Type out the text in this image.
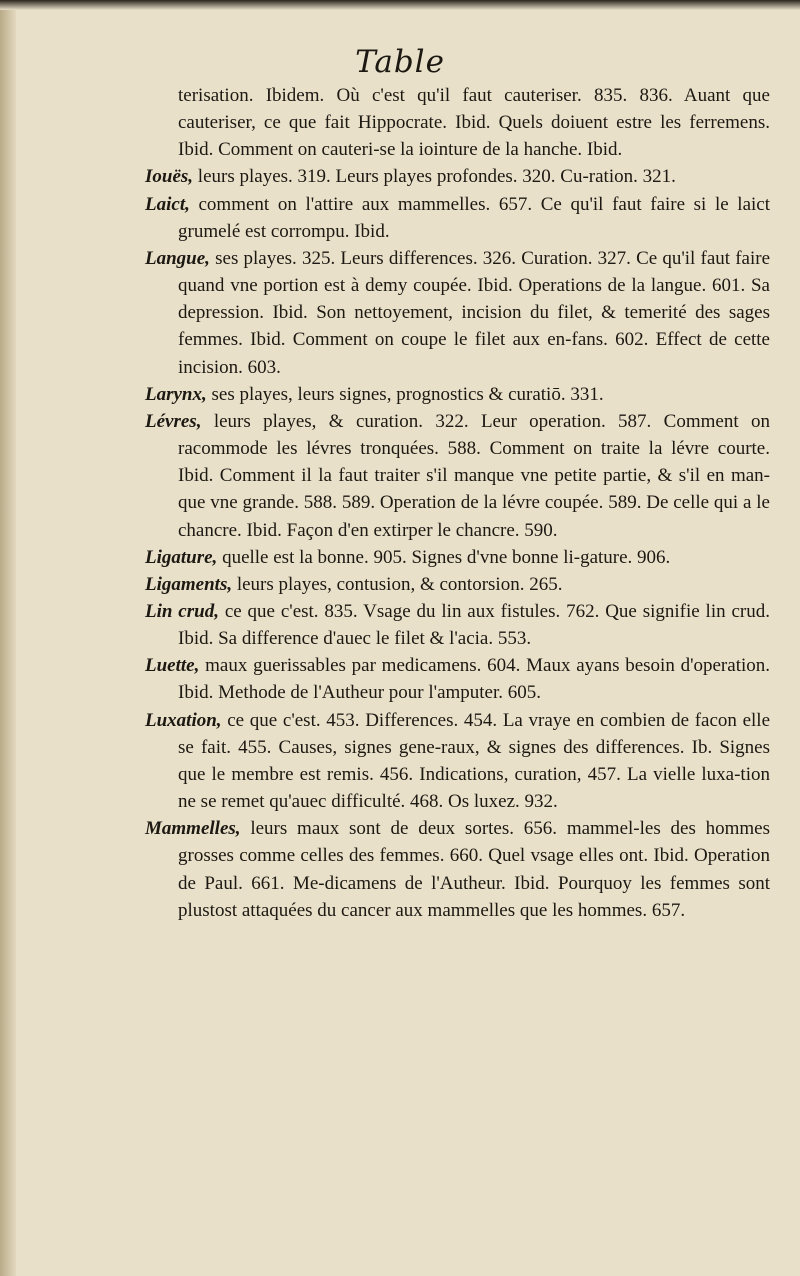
Table

terisation. Ibidem. Où c'est qu'il faut cauteriser. 835. 836. Auant que cauteriser, ce que fait Hippocrate. Ibid. Quels doiuent estre les ferremens. Ibid. Comment on cauteri-se la iointure de la hanche. Ibid.

Iouës, leurs playes. 319. Leurs playes profondes. 320. Cu-ration. 321.

Laict, comment on l'attire aux mammelles. 657. Ce qu'il faut faire si le laict grumelé est corrompu. Ibid.

Langue, ses playes. 325. Leurs differences. 326. Curation. 327. Ce qu'il faut faire quand vne portion est à demy coupée. Ibid. Operations de la langue. 601. Sa depression. Ibid. Son nettoyement, incision du filet, & temerité des sages femmes. Ibid. Comment on coupe le filet aux en-fans. 602. Effect de cette incision. 603.

Larynx, ses playes, leurs signes, prognostics & curatiō. 331.

Lévres, leurs playes, & curation. 322. Leur operation. 587. Comment on racommode les lévres tronquées. 588. Comment on traite la lévre courte. Ibid. Comment il la faut traiter s'il manque vne petite partie, & s'il en man-que vne grande. 588. 589. Operation de la lévre coupée. 589. De celle qui a le chancre. Ibid. Façon d'en extirper le chancre. 590.

Ligature, quelle est la bonne. 905. Signes d'vne bonne li-gature. 906.

Ligaments, leurs playes, contusion, & contorsion. 265.

Lin crud, ce que c'est. 835. Vsage du lin aux fistules. 762. Que signifie lin crud. Ibid. Sa difference d'auec le filet & l'acia. 553.

Luette, maux guerissables par medicamens. 604. Maux ayans besoin d'operation. Ibid. Methode de l'Autheur pour l'amputer. 605.

Luxation, ce que c'est. 453. Differences. 454. La vraye en combien de facon elle se fait. 455. Causes, signes gene-raux, & signes des differences. Ib. Signes que le membre est remis. 456. Indications, curation, 457. La vielle luxa-tion ne se remet qu'auec difficulté. 468. Os luxez. 932.

Mammelles, leurs maux sont de deux sortes. 656. mammel-les des hommes grosses comme celles des femmes. 660. Quel vsage elles ont. Ibid. Operation de Paul. 661. Me-dicamens de l'Autheur. Ibid. Pourquoy les femmes sont plustost attaquées du cancer aux mammelles que les hommes. 657.
